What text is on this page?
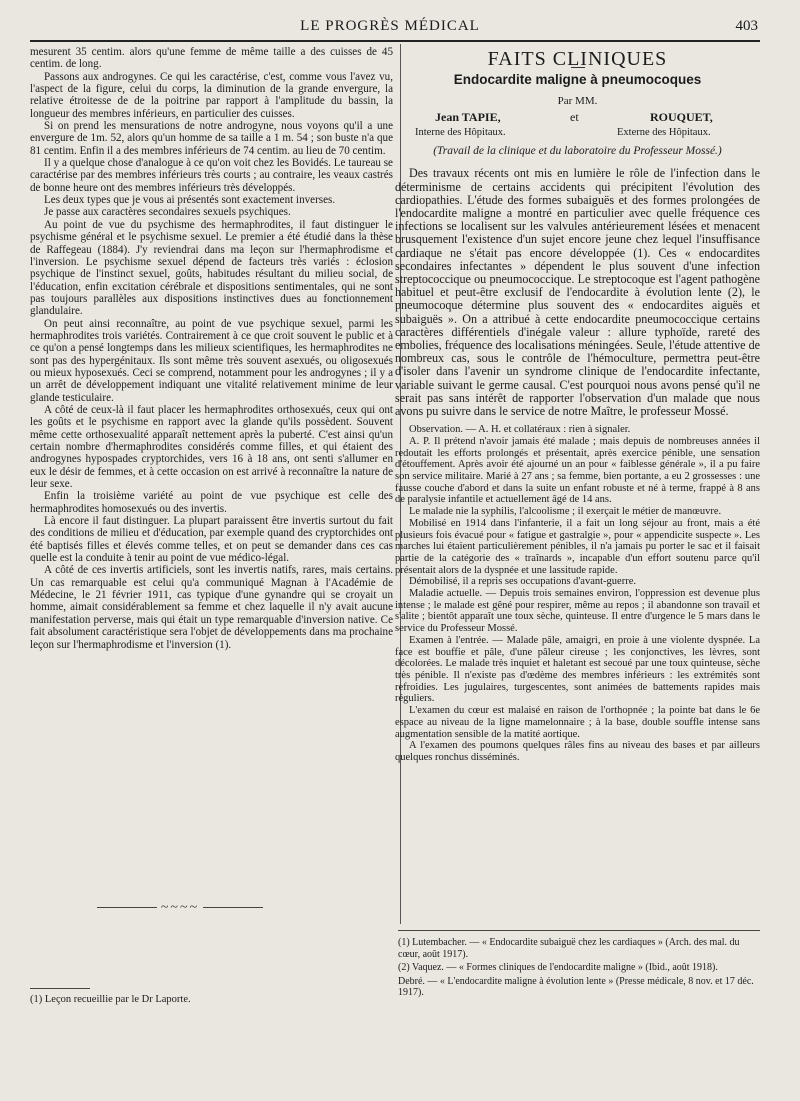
LE PROGRÈS MÉDICAL	403

mesurent 35 centim. alors qu'une femme de même taille a des cuisses de 45 centim. de long.

Passons aux androgynes. Ce qui les caractérise, c'est, comme vous l'avez vu, l'aspect de la figure, celui du corps, la diminution de la grande envergure, la relative étroitesse de de la poitrine par rapport à l'amplitude du bassin, la longueur des membres inférieurs, en particulier des cuisses.

Si on prend les mensurations de notre androgyne, nous voyons qu'il a une envergure de 1m. 52, alors qu'un homme de sa taille a 1 m. 54 ; son buste n'a que 81 centim. Enfin il a des membres inférieurs de 74 centim. au lieu de 70 centim.

Il y a quelque chose d'analogue à ce qu'on voit chez les Bovidés. Le taureau se caractérise par des membres inférieurs très courts ; au contraire, les veaux castrés de bonne heure ont des membres inférieurs très développés.

Les deux types que je vous ai présentés sont exactement inverses.

Je passe aux caractères secondaires sexuels psychiques.

Au point de vue du psychisme des hermaphrodites, il faut distinguer le psychisme général et le psychisme sexuel. Le premier a été étudié dans la thèse de Raffegeau (1884). J'y reviendrai dans ma leçon sur l'hermaphrodisme et l'inversion. Le psychisme sexuel dépend de facteurs très variés : éclosion psychique de l'instinct sexuel, goûts, habitudes résultant du milieu social, de l'éducation, enfin excitation cérébrale et dispositions sentimentales, qui ne sont pas toujours parallèles aux dispositions instinctives dues au fonctionnement glandulaire.

On peut ainsi reconnaître, au point de vue psychique sexuel, parmi les hermaphrodites trois variétés. Contrairement à ce que croit souvent le public et à ce qu'on a pensé longtemps dans les milieux scientifiques, les hermaphrodites ne sont pas des hypergénitaux. Ils sont même très souvent asexués, ou oligosexués ou mieux hyposexués. Ceci se comprend, notamment pour les androgynes ; il y a un arrêt de développement indiquant une vitalité relativement minime de leur glande testiculaire.

A côté de ceux-là il faut placer les hermaphrodites orthosexués, ceux qui ont les goûts et le psychisme en rapport avec la glande qu'ils possèdent. Souvent même cette orthosexualité apparaît nettement après la puberté. C'est ainsi qu'un certain nombre d'hermaphrodites considérés comme filles, et qui étaient des androgynes hypospades cryptorchides, vers 16 à 18 ans, ont senti s'allumer en eux le désir de femmes, et à cette occasion on est arrivé à reconnaître la nature de leur sexe.

Enfin la troisième variété au point de vue psychique est celle des hermaphrodites homosexués ou des invertis.

Là encore il faut distinguer. La plupart paraissent être invertis surtout du fait des conditions de milieu et d'éducation, par exemple quand des cryptorchides ont été baptisés filles et élevés comme telles, et on peut se demander dans ces cas quelle est la conduite à tenir au point de vue médico-légal.

A côté de ces invertis artificiels, sont les invertis natifs, rares, mais certains. Un cas remarquable est celui qu'a communiqué Magnan à l'Académie de Médecine, le 21 février 1911, cas typique d'une gynandre qui se croyait un homme, aimait considérablement sa femme et chez laquelle il n'y avait aucune manifestation perverse, mais qui était un type remarquable d'inversion native. Ce fait absolument caractéristique sera l'objet de développements dans ma prochaine leçon sur l'hermaphrodisme et l'inversion (1).

~~~~
(1) Leçon recueillie par le Dr Laporte.
FAITS CLINIQUES
Endocardite maligne à pneumocoques
Par MM.
Jean TAPIE,	et	ROUQUET,
Interne des Hôpitaux.	Externe des Hôpitaux.
(Travail de la clinique et du laboratoire du Professeur Mossé.)

Des travaux récents ont mis en lumière le rôle de l'infection dans le déterminisme de certains accidents qui précipitent l'évolution des cardiopathies. L'étude des formes subaiguës et des formes prolongées de l'endocardite maligne a montré en particulier avec quelle fréquence ces infections se localisent sur les valvules antérieurement lésées et menacent brusquement l'existence d'un sujet encore jeune chez lequel l'insuffisance cardiaque ne s'était pas encore développée (1). Ces « endocardites secondaires infectantes » dépendent le plus souvent d'une infection streptococcique ou pneumococcique. Le streptocoque est l'agent pathogène habituel et peut-être exclusif de l'endocardite à évolution lente (2), le pneumocoque détermine plus souvent des « endocardites aiguës et subaiguës ». On a attribué à cette endocardite pneumococcique certains caractères différentiels d'inégale valeur : allure typhoïde, rareté des embolies, fréquence des localisations méningées. Seule, l'étude attentive de nombreux cas, sous le contrôle de l'hémoculture, permettra peut-être d'isoler dans l'avenir un syndrome clinique de l'endocardite infectante, variable suivant le germe causal. C'est pourquoi nous avons pensé qu'il ne serait pas sans intérêt de rapporter l'observation d'un malade que nous avons pu suivre dans le service de notre Maître, le professeur Mossé.

Observation. — A. H. et collatéraux : rien à signaler.

A. P. Il prétend n'avoir jamais été malade ; mais depuis de nombreuses années il redoutait les efforts prolongés et présentait, après exercice pénible, une sensation d'étouffement. Après avoir été ajourné un an pour « faiblesse générale », il a pu faire son service militaire. Marié à 27 ans ; sa femme, bien portante, a eu 2 grossesses : une fausse couche d'abord et dans la suite un enfant robuste et né à terme, frappé à 8 ans de paralysie infantile et actuellement âgé de 14 ans.

Le malade nie la syphilis, l'alcoolisme ; il exerçait le métier de manœuvre.

Mobilisé en 1914 dans l'infanterie, il a fait un long séjour au front, mais a été plusieurs fois évacué pour « fatigue et gastralgie », pour « appendicite suspecte ». Les marches lui étaient particulièrement pénibles, il n'a jamais pu porter le sac et il faisait partie de la catégorie des « traînards », incapable d'un effort soutenu parce qu'il présentait alors de la dyspnée et une lassitude rapide.

Démobilisé, il a repris ses occupations d'avant-guerre.

Maladie actuelle. — Depuis trois semaines environ, l'oppression est devenue plus intense ; le malade est gêné pour respirer, même au repos ; il abandonne son travail et s'alite ; bientôt apparaît une toux sèche, quinteuse. Il entre d'urgence le 5 mars dans le service du Professeur Mossé.

Examen à l'entrée. — Malade pâle, amaigri, en proie à une violente dyspnée. La face est bouffie et pâle, d'une pâleur cireuse ; les conjonctives, les lèvres, sont décolorées. Le malade très inquiet et haletant est secoué par une toux quinteuse, sèche très pénible. Il n'existe pas d'œdème des membres inférieurs : les extrémités sont refroidies. Les jugulaires, turgescentes, sont animées de battements rapides mais réguliers.

L'examen du cœur est malaisé en raison de l'orthopnée ; la pointe bat dans le 6e espace au niveau de la ligne mamelonnaire ; à la base, double souffle intense sans augmentation sensible de la matité aortique.

A l'examen des poumons quelques râles fins au niveau des bases et par ailleurs quelques ronchus disséminés.

(1) Lutembacher. — « Endocardite subaiguë chez les cardiaques » (Arch. des mal. du cœur, août 1917).

(2) Vaquez. — « Formes cliniques de l'endocardite maligne » (Ibid., août 1918).

Debré. — « L'endocardite maligne à évolution lente » (Presse médicale, 8 nov. et 17 déc. 1917).
